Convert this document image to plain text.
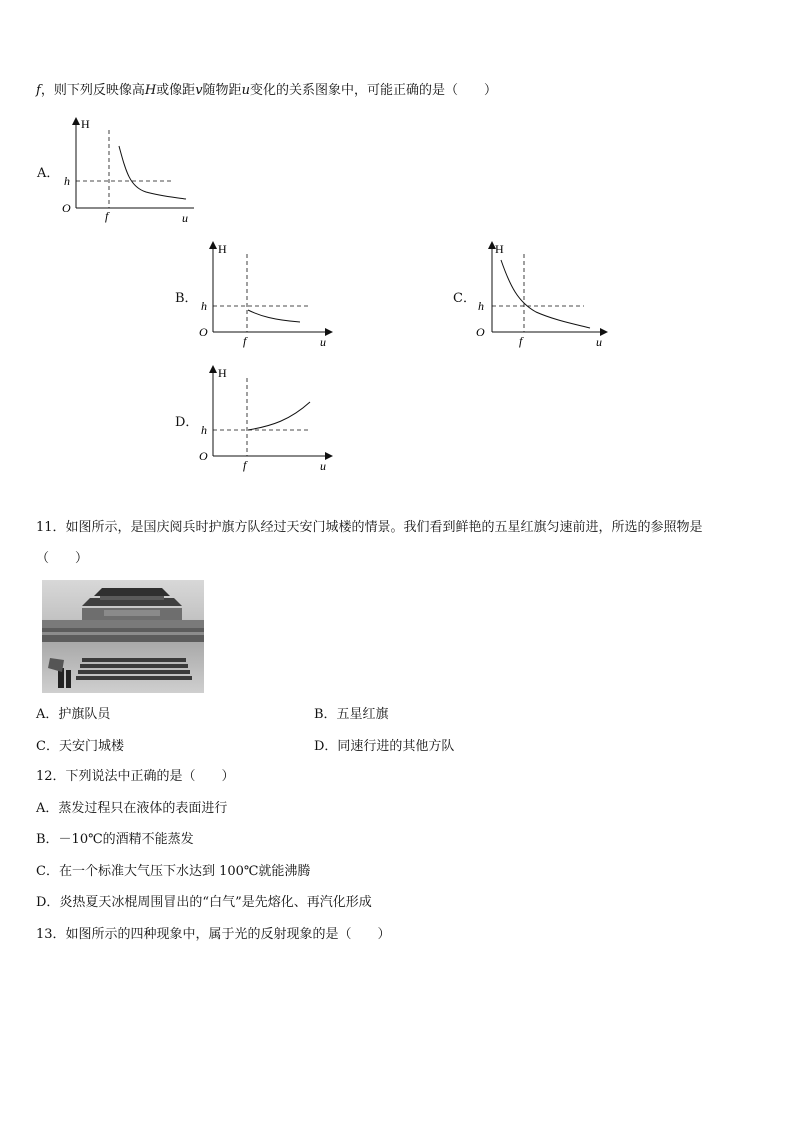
f，则下列反映像高H或像距v随物距u变化的关系图象中，可能正确的是（　　）
A．
H
h
O
f	u
B．
H
h
O
f	u
C．
H
h
O
f	u
D．
H
h
O
f	u
11．如图所示，是国庆阅兵时护旗方队经过天安门城楼的情景。我们看到鲜艳的五星红旗匀速前进，所选的参照物是
（　　）
A．护旗队员	B．五星红旗
C．天安门城楼	D．同速行进的其他方队
12．下列说法中正确的是（　　）
A．蒸发过程只在液体的表面进行
B．－10℃的酒精不能蒸发
C．在一个标准大气压下水达到 100℃就能沸腾
D．炎热夏天冰棍周围冒出的“白气”是先熔化、再汽化形成
13．如图所示的四种现象中，属于光的反射现象的是（　　）
